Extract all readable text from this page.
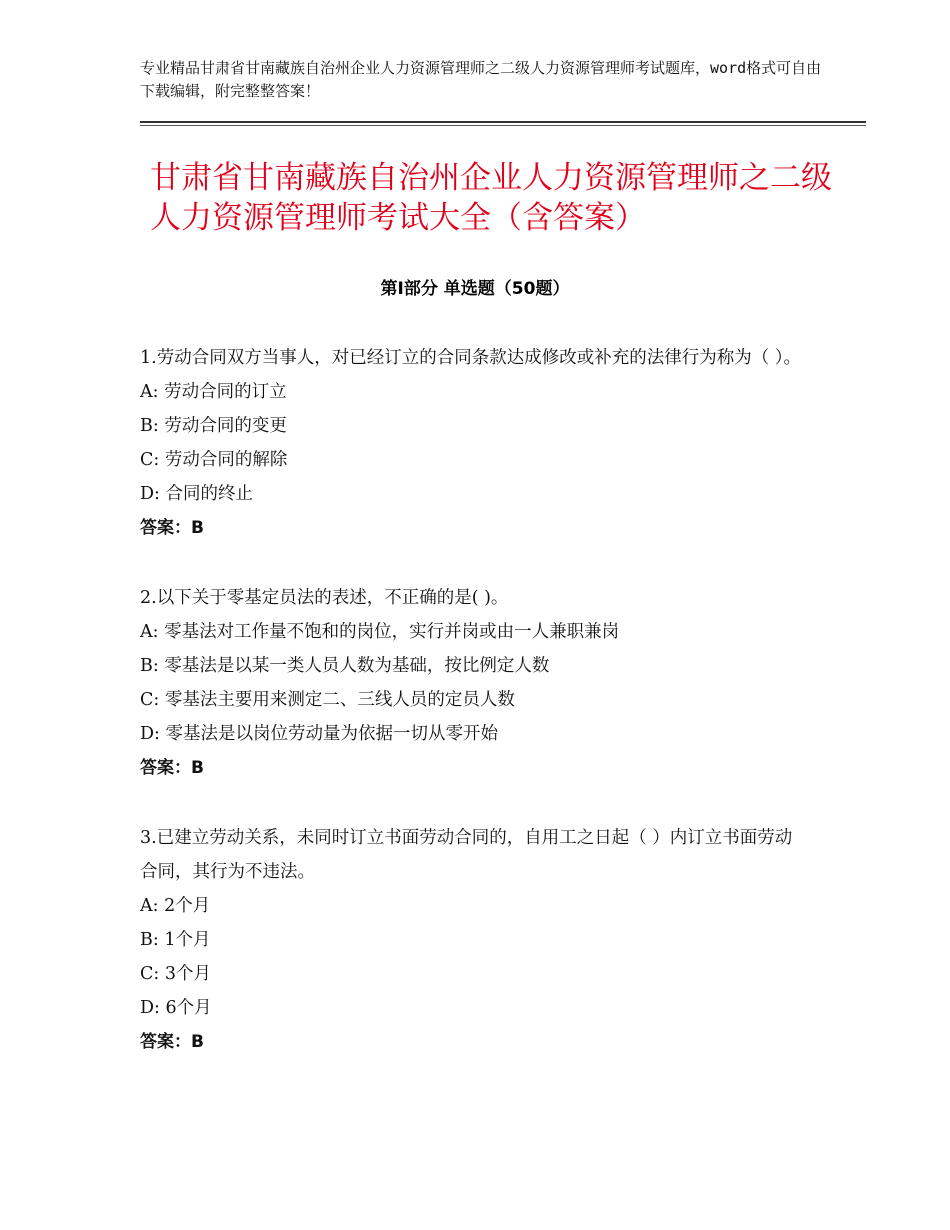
专业精品甘肃省甘南藏族自治州企业人力资源管理师之二级人力资源管理师考试题库，word格式可自由下载编辑，附完整整答案！
甘肃省甘南藏族自治州企业人力资源管理师之二级人力资源管理师考试大全（含答案）
第Ⅰ部分 单选题（50题）

1.劳动合同双方当事人，对已经订立的合同条款达成修改或补充的法律行为称为（ ）。

A: 劳动合同的订立

B: 劳动合同的变更

C: 劳动合同的解除

D: 合同的终止

答案：B

2.以下关于零基定员法的表述，不正确的是( )。

A: 零基法对工作量不饱和的岗位，实行并岗或由一人兼职兼岗

B: 零基法是以某一类人员人数为基础，按比例定人数

C: 零基法主要用来测定二、三线人员的定员人数

D: 零基法是以岗位劳动量为依据一切从零开始

答案：B

3.已建立劳动关系，未同时订立书面劳动合同的，自用工之日起（ ）内订立书面劳动合同，其行为不违法。

A: 2个月

B: 1个月

C: 3个月

D: 6个月

答案：B
